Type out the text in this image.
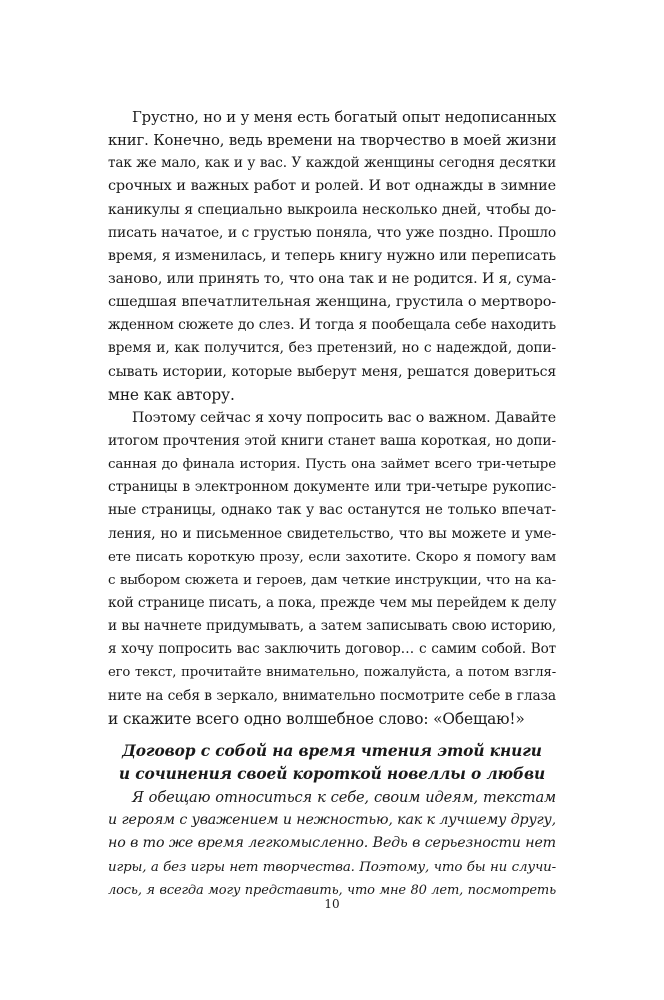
Грустно, но и у меня есть богатый опыт недописанных
книг. Конечно, ведь времени на творчество в моей жизни
так же мало, как и у вас. У каждой женщины сегодня десятки
срочных и важных работ и ролей. И вот однажды в зимние
каникулы я специально выкроила несколько дней, чтобы до-
писать начатое, и с грустью поняла, что уже поздно. Прошло
время, я изменилась, и теперь книгу нужно или переписать
заново, или принять то, что она так и не родится. И я, сума-
сшедшая впечатлительная женщина, грустила о мертворо-
жденном сюжете до слез. И тогда я пообещала себе находить
время и, как получится, без претензий, но с надеждой, допи-
сывать истории, которые выберут меня, решатся довериться
мне как автору.
Поэтому сейчас я хочу попросить вас о важном. Давайте
итогом прочтения этой книги станет ваша короткая, но допи-
санная до финала история. Пусть она займет всего три-четыре
страницы в электронном документе или три-четыре рукопис-
ные страницы, однако так у вас останутся не только впечат-
ления, но и письменное свидетельство, что вы можете и уме-
ете писать короткую прозу, если захотите. Скоро я помогу вам
с выбором сюжета и героев, дам четкие инструкции, что на ка-
кой странице писать, а пока, прежде чем мы перейдем к делу
и вы начнете придумывать, а затем записывать свою историю,
я хочу попросить вас заключить договор… с самим собой. Вот
его текст, прочитайте внимательно, пожалуйста, а потом взгля-
ните на себя в зеркало, внимательно посмотрите себе в глаза
и скажите всего одно волшебное слово: «Обещаю!»
Договор с собой на время чтения этой книги
и сочинения своей короткой новеллы о любви
Я обещаю относиться к себе, своим идеям, текстам
и героям с уважением и нежностью, как к лучшему другу,
но в то же время легкомысленно. Ведь в серьезности нет
игры, а без игры нет творчества. Поэтому, что бы ни случи-
лось, я всегда могу представить, что мне 80 лет, посмотреть
10
